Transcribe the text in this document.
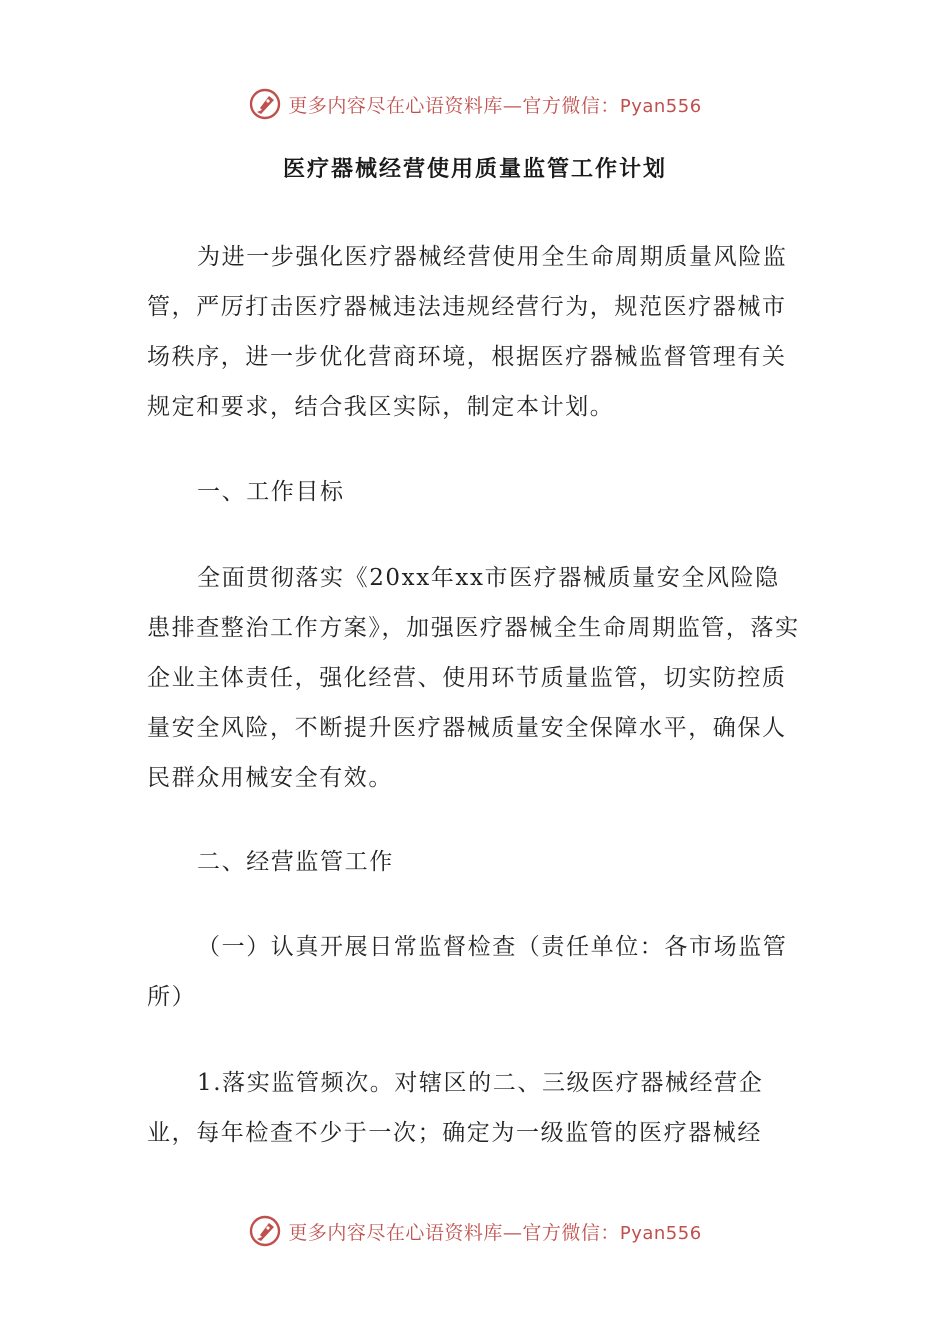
更多内容尽在心语资料库—官方微信：Pyan556
医疗器械经营使用质量监管工作计划

为进一步强化医疗器械经营使用全生命周期质量风险监管，严厉打击医疗器械违法违规经营行为，规范医疗器械市场秩序，进一步优化营商环境，根据医疗器械监督管理有关规定和要求，结合我区实际，制定本计划。

一、工作目标

全面贯彻落实《20xx年xx市医疗器械质量安全风险隐患排查整治工作方案》，加强医疗器械全生命周期监管，落实企业主体责任，强化经营、使用环节质量监管，切实防控质量安全风险，不断提升医疗器械质量安全保障水平，确保人民群众用械安全有效。

二、经营监管工作

（一）认真开展日常监督检查（责任单位：各市场监管所）

1.落实监管频次。对辖区的二、三级医疗器械经营企业，每年检查不少于一次；确定为一级监管的医疗器械经

更多内容尽在心语资料库—官方微信：Pyan556
